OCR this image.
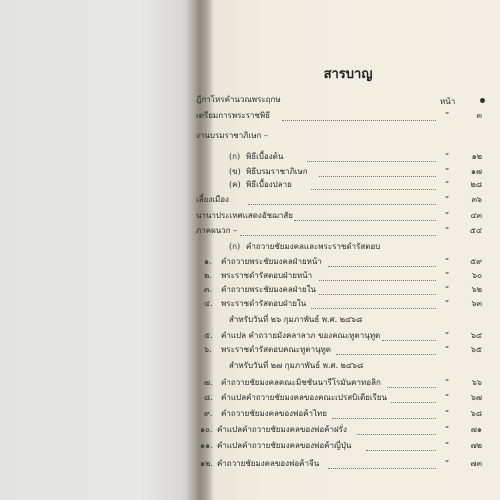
สารบาญ
หน้า
ฎีกาโหรคำนวณพระฤกษ
เตรียมการพระราชพิธี	”	๓
งานบรมราชาภิเษก –
(ก) พิธีเบื้องต้น	”	๑๒
(ข) พิธีบรมราชาภิเษก	”	๑๗
(ค) พิธีเบื้องปลาย	”	๒๘
เลี้ยงเมือง	”	๓๖
นานาประเทศแสดงอัชฌาสัย	”	๔๓
ภาคผนวก –	”	๕๔
(ก) คำถวายชัยมงคลและพระราชดำรัสตอบ
๑. คำถวายพระชัยมงคลฝ่ายหน้า	”	๕๙
๒. พระราชดำรัสตอบฝ่ายหน้า	”	๖๐
๓. คำถวายพระชัยมงคลฝ่ายใน	”	๖๒
๔. พระราชดำรัสตอบฝ่ายใน	”	๖๓
สำหรับวันที่ ๒๖ กุมภาพันธ์ พ.ศ. ๒๔๖๘
๕. คำแปล คำถวายมังคลาลาภ ของคณะทูตานุทูต	”	๖๔
๖. พระราชดำรัสตอบคณะทูตานุทูต	”	๖๕
สำหรับวันที่ ๒๗ กุมภาพันธ์ พ.ศ. ๒๔๖๘
๗. คำถวายชัยมงคลคณะมิชชันนารีโรมันคาทอลิก	”	๖๖
๘. คำแปลคำถวายชัยมงคลของคณะเปรสบิเตียเรียน	”	๖๗
๙. คำถวายชัยมงคลของพ่อค้าไทย	”	๖๘
๑๐. คำแปลคำถวายชัยมงคลของพ่อค้าฝรั่ง	”	๗๑
๑๑. คำแปลคำถวายชัยมงคลของพ่อค้าญี่ปุ่น	”	๗๒
๑๒. คำถวายชัยมงคลของพ่อค้าจีน	”	๗๓
